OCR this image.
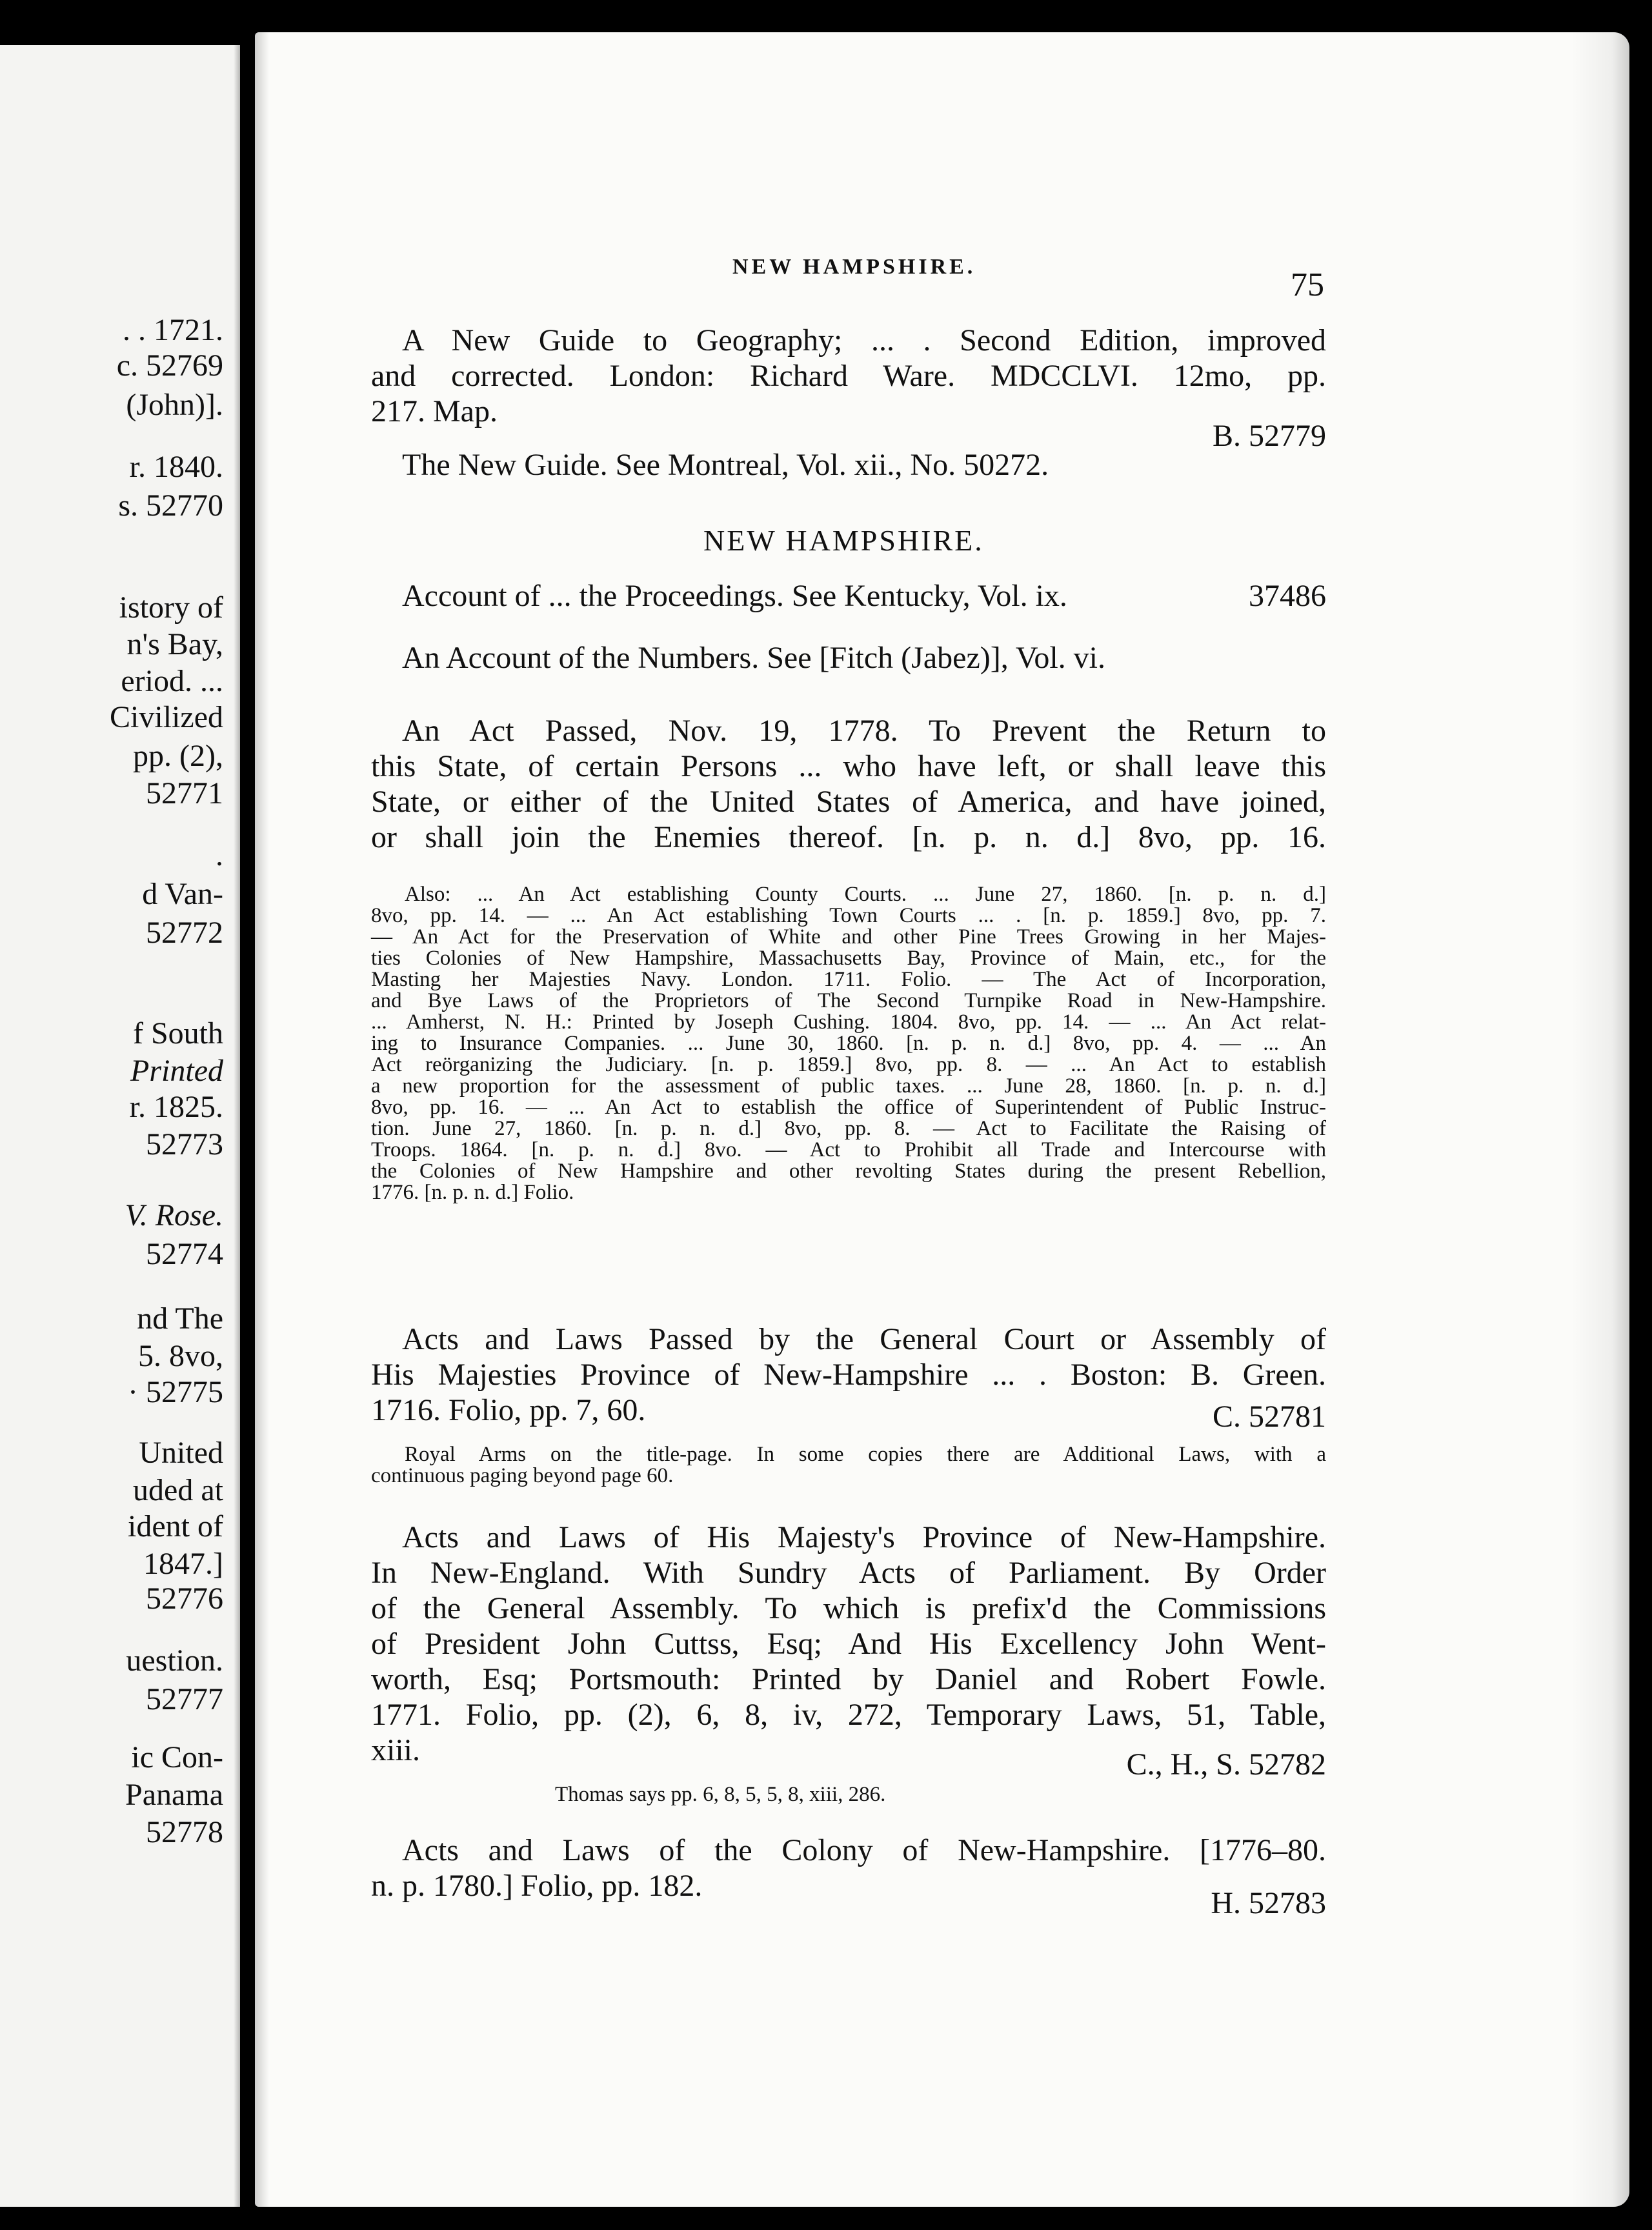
. . 1721.
c. 52769
(John)].
r. 1840.
s. 52770
istory of
n's Bay,
eriod. ...
Civilized
pp. (2),
52771
.
d Van-
52772
f South
Printed
r. 1825.
52773
V. Rose.
52774
nd The
5. 8vo,
· 52775
United
uded at
ident of
1847.]
52776
uestion.
52777
ic Con-
Panama
52778
NEW HAMPSHIRE.	75
A New Guide to Geography; ... . Second Edition, improved
and corrected. London: Richard Ware. MDCCLVI. 12mo, pp.
217. Map.
B. 52779
The New Guide. See Montreal, Vol. xii., No. 50272.
NEW HAMPSHIRE.
Account of ... the Proceedings. See Kentucky, Vol. ix.	37486
An Account of the Numbers. See [Fitch (Jabez)], Vol. vi.
An Act Passed, Nov. 19, 1778. To Prevent the Return to
this State, of certain Persons ... who have left, or shall leave this
State, or either of the United States of America, and have joined,
or shall join the Enemies thereof. [n. p. n. d.] 8vo, pp. 16.
Also: ... An Act establishing County Courts. ... June 27, 1860. [n. p. n. d.]
8vo, pp. 14. — ... An Act establishing Town Courts ... . [n. p. 1859.] 8vo, pp. 7.
— An Act for the Preservation of White and other Pine Trees Growing in her Majes-
ties Colonies of New Hampshire, Massachusetts Bay, Province of Main, etc., for the
Masting her Majesties Navy. London. 1711. Folio. — The Act of Incorporation,
and Bye Laws of the Proprietors of The Second Turnpike Road in New-Hampshire.
... Amherst, N. H.: Printed by Joseph Cushing. 1804. 8vo, pp. 14. — ... An Act relat-
ing to Insurance Companies. ... June 30, 1860. [n. p. n. d.] 8vo, pp. 4. — ... An
Act reörganizing the Judiciary. [n. p. 1859.] 8vo, pp. 8. — ... An Act to establish
a new proportion for the assessment of public taxes. ... June 28, 1860. [n. p. n. d.]
8vo, pp. 16. — ... An Act to establish the office of Superintendent of Public Instruc-
tion. June 27, 1860. [n. p. n. d.] 8vo, pp. 8. — Act to Facilitate the Raising of
Troops. 1864. [n. p. n. d.] 8vo. — Act to Prohibit all Trade and Intercourse with
the Colonies of New Hampshire and other revolting States during the present Rebellion,
1776. [n. p. n. d.] Folio.
Acts and Laws Passed by the General Court or Assembly of
His Majesties Province of New-Hampshire ... . Boston: B. Green.
1716. Folio, pp. 7, 60.	C. 52781
Royal Arms on the title-page. In some copies there are Additional Laws, with a
continuous paging beyond page 60.
Acts and Laws of His Majesty's Province of New-Hampshire.
In New-England. With Sundry Acts of Parliament. By Order
of the General Assembly. To which is prefix'd the Commissions
of President John Cuttss, Esq; And His Excellency John Went-
worth, Esq; Portsmouth: Printed by Daniel and Robert Fowle.
1771. Folio, pp. (2), 6, 8, iv, 272, Temporary Laws, 51, Table,
xiii.	C., H., S. 52782
Thomas says pp. 6, 8, 5, 5, 8, xiii, 286.
Acts and Laws of the Colony of New-Hampshire. [1776–80.
n. p. 1780.] Folio, pp. 182.
H. 52783
